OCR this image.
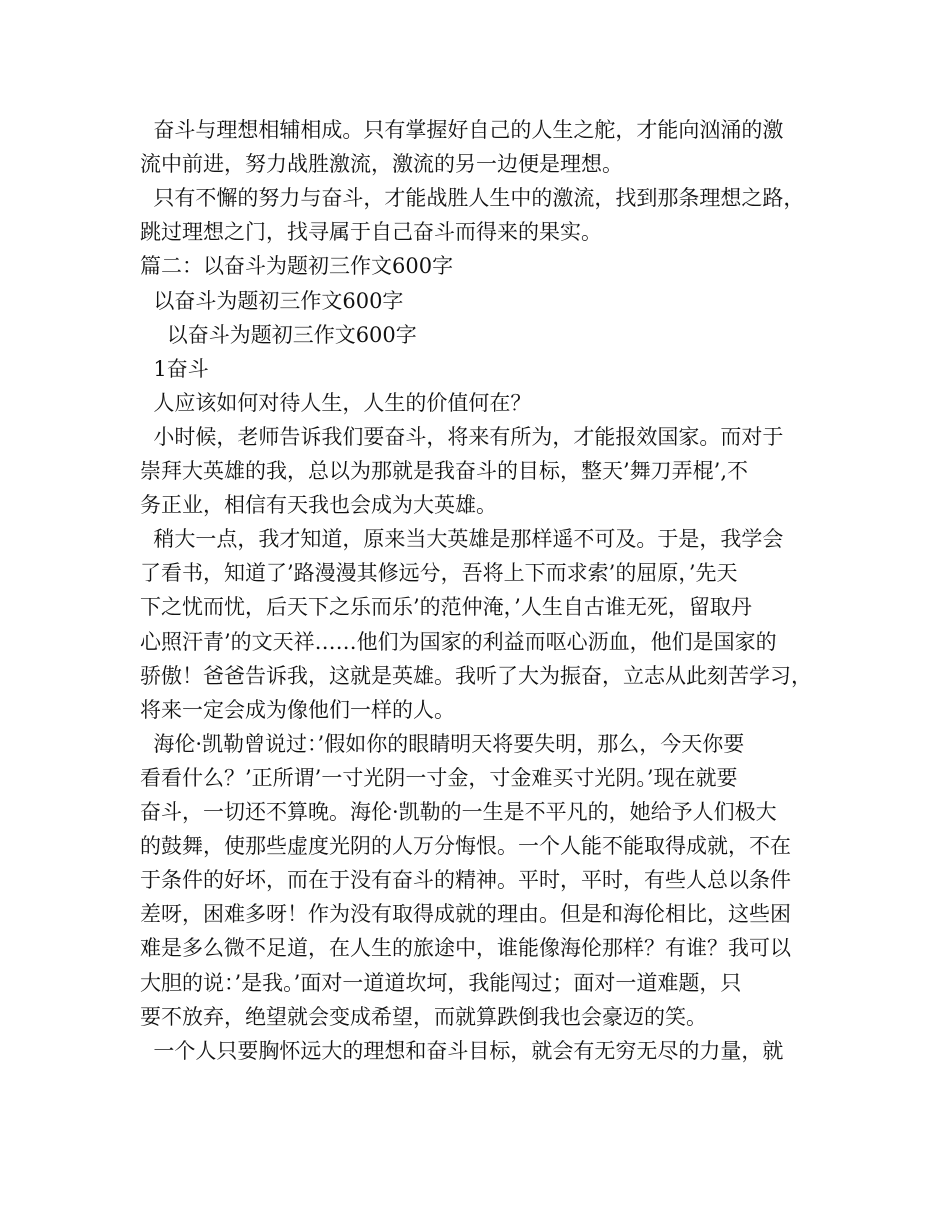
奋斗与理想相辅相成。只有掌握好自己的人生之舵，才能向汹涌的激
流中前进，努力战胜激流，激流的另一边便是理想。
只有不懈的努力与奋斗，才能战胜人生中的激流，找到那条理想之路，
跳过理想之门，找寻属于自己奋斗而得来的果实。
篇二：以奋斗为题初三作文600字
以奋斗为题初三作文600字
以奋斗为题初三作文600字
1奋斗
人应该如何对待人生，人生的价值何在？
小时候，老师告诉我们要奋斗，将来有所为，才能报效国家。而对于
崇拜大英雄的我，总以为那就是我奋斗的目标，整天’舞刀弄棍’,不
务正业，相信有天我也会成为大英雄。
稍大一点，我才知道，原来当大英雄是那样遥不可及。于是，我学会
了看书，知道了’路漫漫其修远兮，吾将上下而求索’的屈原，’先天
下之忧而忧，后天下之乐而乐’的范仲淹，’人生自古谁无死，留取丹
心照汗青’的文天祥……他们为国家的利益而呕心沥血，他们是国家的
骄傲！爸爸告诉我，这就是英雄。我听了大为振奋，立志从此刻苦学习，
将来一定会成为像他们一样的人。
海伦·凯勒曾说过：’假如你的眼睛明天将要失明，那么，今天你要
看看什么？’正所谓’一寸光阴一寸金，寸金难买寸光阴。’现在就要
奋斗，一切还不算晚。海伦·凯勒的一生是不平凡的，她给予人们极大
的鼓舞，使那些虚度光阴的人万分悔恨。一个人能不能取得成就，不在
于条件的好坏，而在于没有奋斗的精神。平时，平时，有些人总以条件
差呀，困难多呀！作为没有取得成就的理由。但是和海伦相比，这些困
难是多么微不足道，在人生的旅途中，谁能像海伦那样？有谁？我可以
大胆的说：’是我。’面对一道道坎坷，我能闯过；面对一道难题，只
要不放弃，绝望就会变成希望，而就算跌倒我也会豪迈的笑。
一个人只要胸怀远大的理想和奋斗目标，就会有无穷无尽的力量，就
